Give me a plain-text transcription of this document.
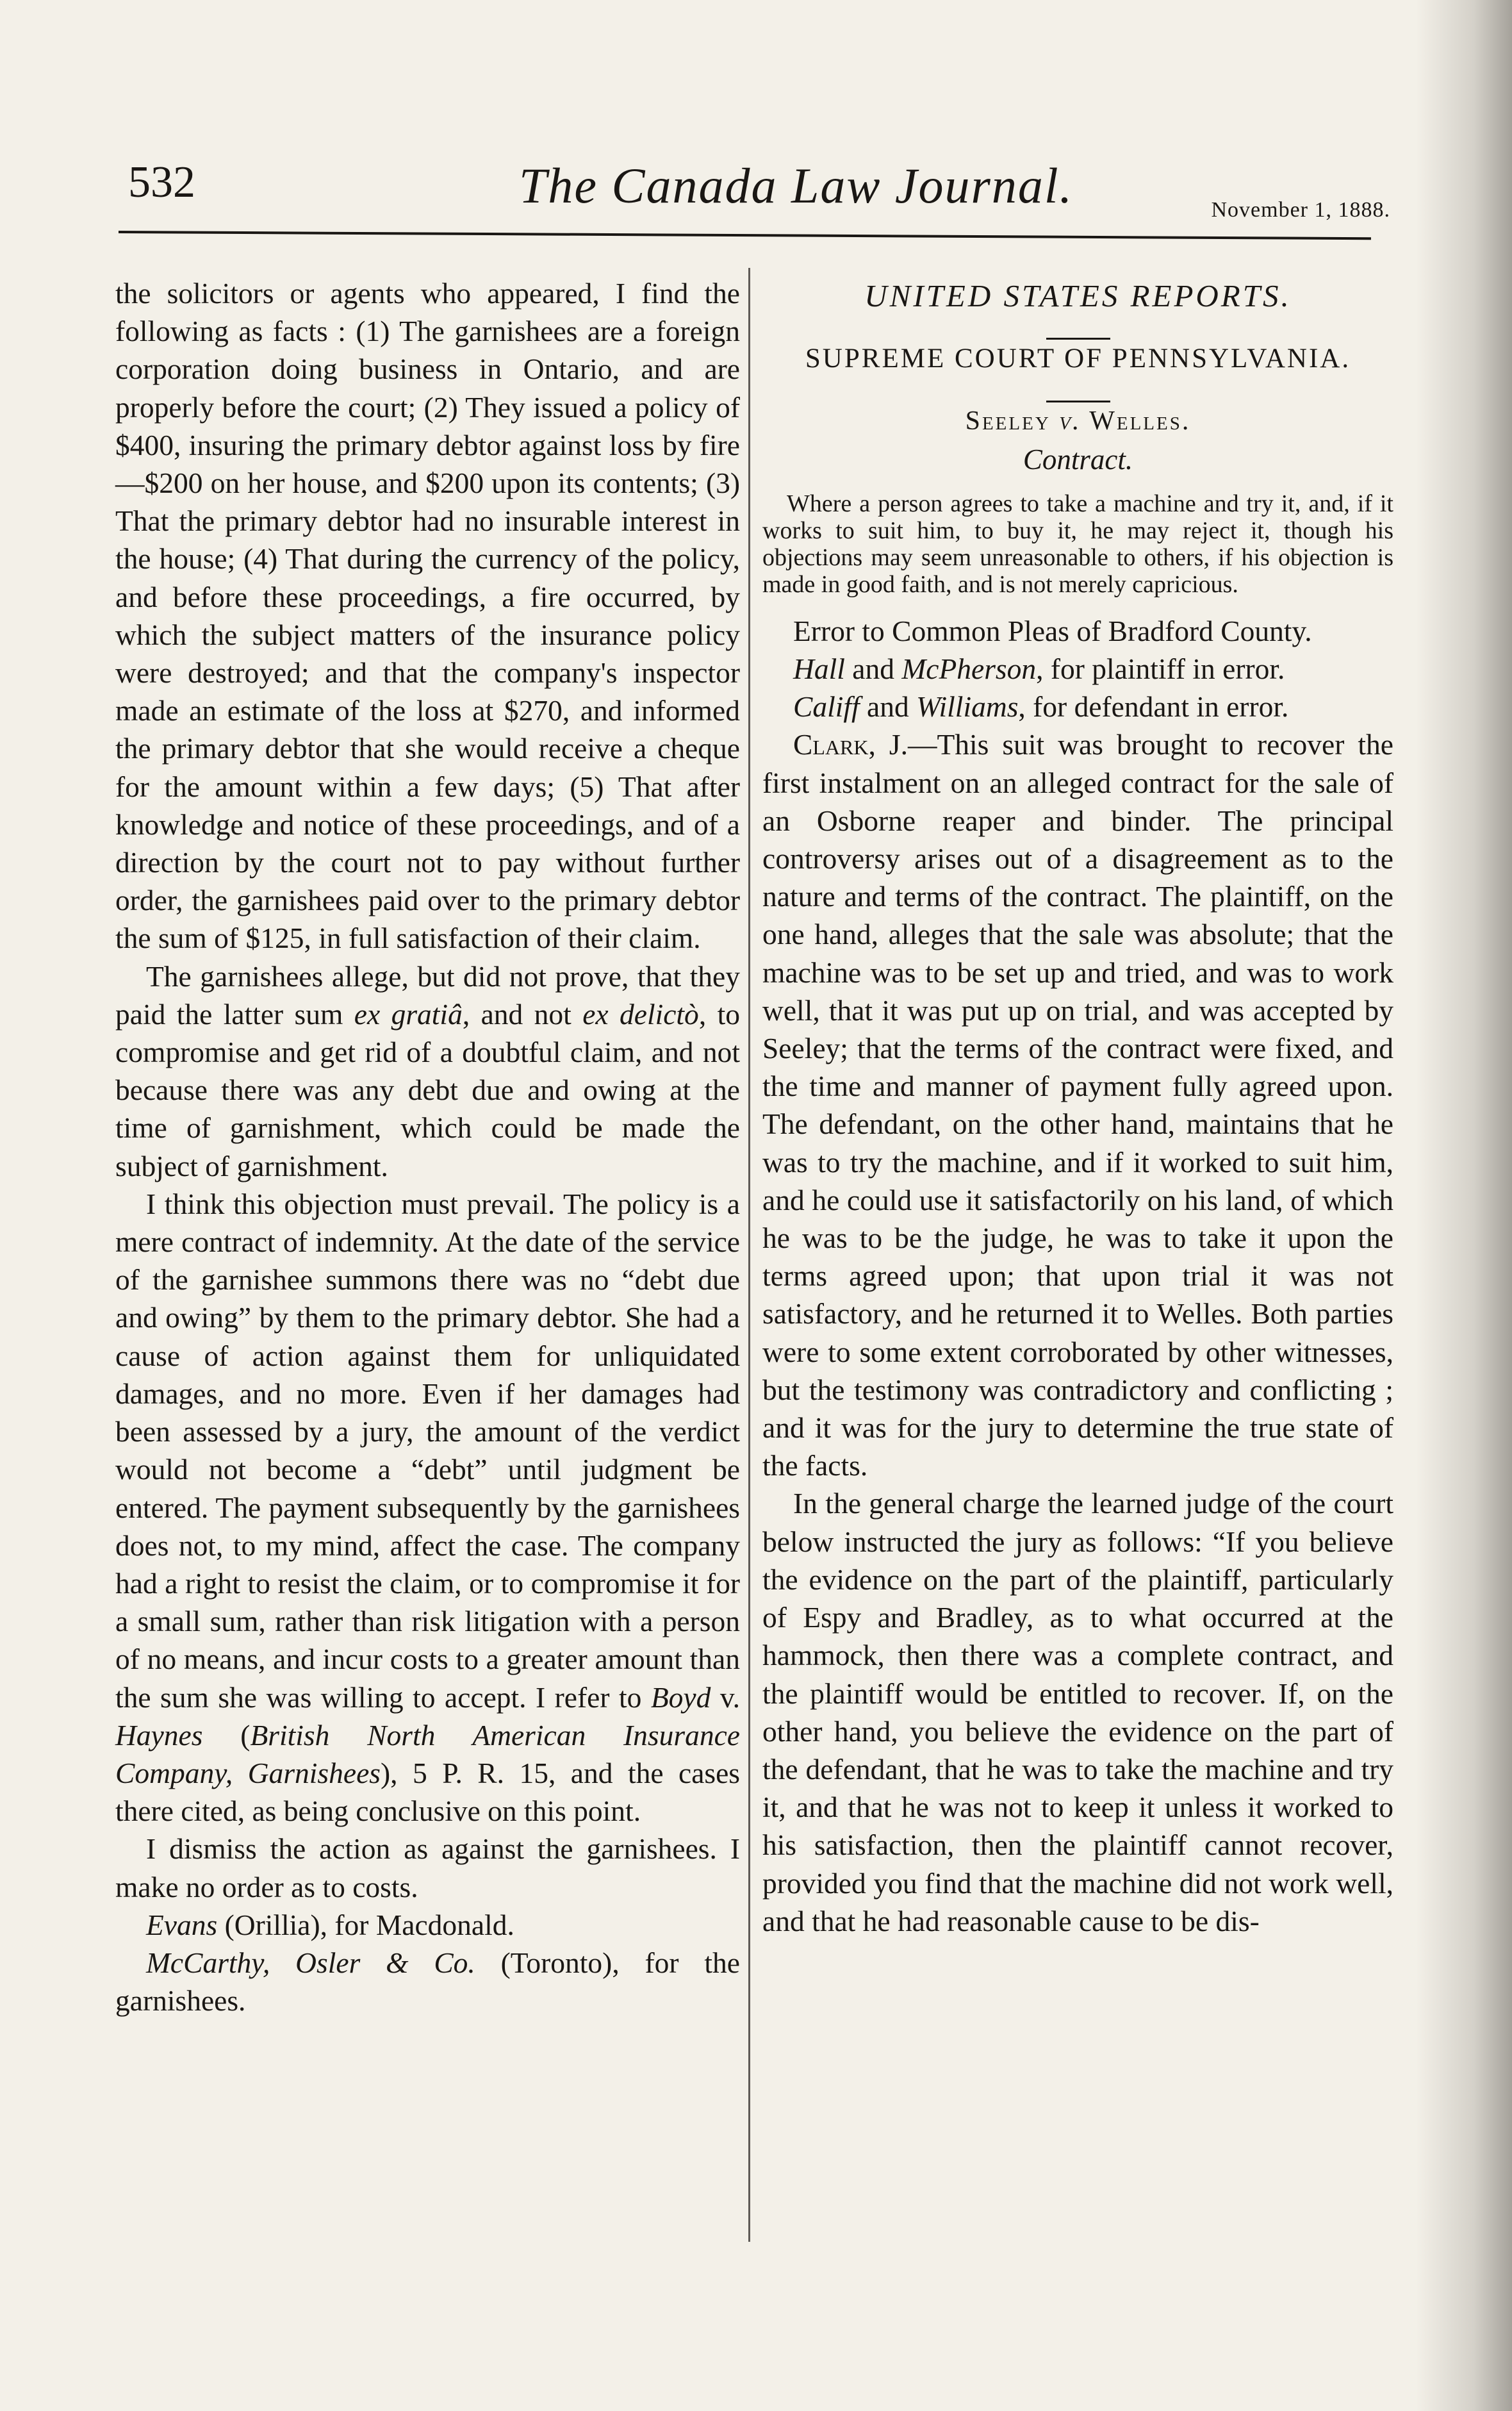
532	The Canada Law Journal.	November 1, 1888.

the solicitors or agents who appeared, I find the following as facts : (1) The garnishees are a foreign corporation doing business in Ontario, and are properly before the court; (2) They issued a policy of $400, insuring the primary debtor against loss by fire—$200 on her house, and $200 upon its contents; (3) That the primary debtor had no insurable interest in the house; (4) That during the currency of the policy, and before these proceedings, a fire occurred, by which the subject matters of the insurance policy were destroyed; and that the company's inspector made an estimate of the loss at $270, and informed the primary debtor that she would receive a cheque for the amount within a few days; (5) That after knowledge and notice of these proceedings, and of a direction by the court not to pay without further order, the garnishees paid over to the primary debtor the sum of $125, in full satisfaction of their claim.

The garnishees allege, but did not prove, that they paid the latter sum ex gratiâ, and not ex delictò, to compromise and get rid of a doubtful claim, and not because there was any debt due and owing at the time of garnishment, which could be made the subject of garnishment.

I think this objection must prevail. The policy is a mere contract of indemnity. At the date of the service of the garnishee summons there was no “debt due and owing” by them to the primary debtor. She had a cause of action against them for unliquidated damages, and no more. Even if her damages had been assessed by a jury, the amount of the verdict would not become a “debt” until judgment be entered. The payment subsequently by the garnishees does not, to my mind, affect the case. The company had a right to resist the claim, or to compromise it for a small sum, rather than risk litigation with a person of no means, and incur costs to a greater amount than the sum she was willing to accept. I refer to Boyd v. Haynes (British North American Insurance Company, Garnishees), 5 P. R. 15, and the cases there cited, as being conclusive on this point.

I dismiss the action as against the garnishees. I make no order as to costs.

Evans (Orillia), for Macdonald.

McCarthy, Osler & Co. (Toronto), for the garnishees.

UNITED STATES REPORTS.

SUPREME COURT OF PENNSYLVANIA.

Seeley v. Welles.

Contract.

Where a person agrees to take a machine and try it, and, if it works to suit him, to buy it, he may reject it, though his objections may seem unreasonable to others, if his objection is made in good faith, and is not merely capricious.

Error to Common Pleas of Bradford County.

Hall and McPherson, for plaintiff in error.

Califf and Williams, for defendant in error.

Clark, J.—This suit was brought to recover the first instalment on an alleged contract for the sale of an Osborne reaper and binder. The principal controversy arises out of a disagreement as to the nature and terms of the contract. The plaintiff, on the one hand, alleges that the sale was absolute; that the machine was to be set up and tried, and was to work well, that it was put up on trial, and was accepted by Seeley; that the terms of the contract were fixed, and the time and manner of payment fully agreed upon. The defendant, on the other hand, maintains that he was to try the machine, and if it worked to suit him, and he could use it satisfactorily on his land, of which he was to be the judge, he was to take it upon the terms agreed upon; that upon trial it was not satisfactory, and he returned it to Welles. Both parties were to some extent corroborated by other witnesses, but the testimony was contradictory and conflicting ; and it was for the jury to determine the true state of the facts.

In the general charge the learned judge of the court below instructed the jury as follows: “If you believe the evidence on the part of the plaintiff, particularly of Espy and Bradley, as to what occurred at the hammock, then there was a complete contract, and the plaintiff would be entitled to recover. If, on the other hand, you believe the evidence on the part of the defendant, that he was to take the machine and try it, and that he was not to keep it unless it worked to his satisfaction, then the plaintiff cannot recover, provided you find that the machine did not work well, and that he had reasonable cause to be dis-
